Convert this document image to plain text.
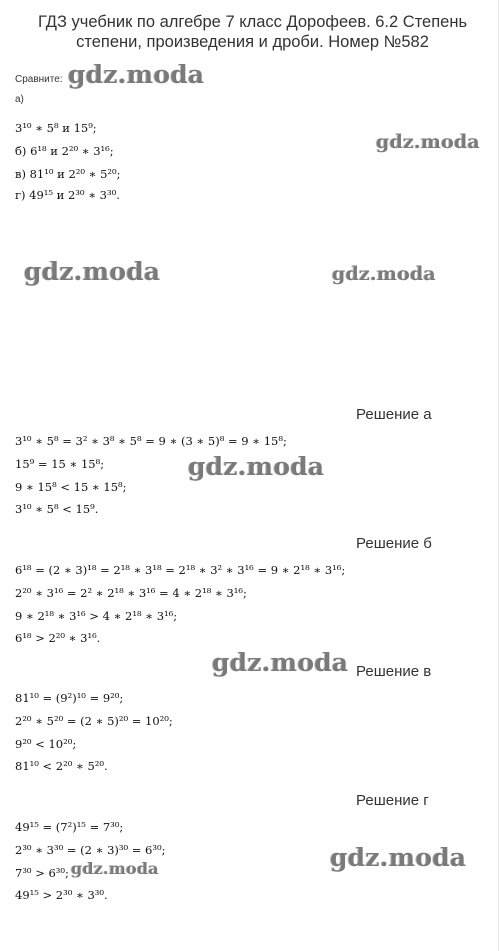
ГДЗ учебник по алгебре 7 класс Дорофеев. 6.2 Степень
степени, произведения и дроби. Номер №582
Сравните:
а)
3¹⁰ ∗ 5⁸ и 15⁹;
б) 6¹⁸ и 2²⁰ ∗ 3¹⁶;
в) 81¹⁰ и 2²⁰ ∗ 5²⁰;
г) 49¹⁵ и 2³⁰ ∗ 3³⁰.
Решение а
3¹⁰ ∗ 5⁸ = 3² ∗ 3⁸ ∗ 5⁸ = 9 ∗ (3 ∗ 5)⁸ = 9 ∗ 15⁸;
15⁹ = 15 ∗ 15⁸;
9 ∗ 15⁸ < 15 ∗ 15⁸;
3¹⁰ ∗ 5⁸ < 15⁹.
Решение б
6¹⁸ = (2 ∗ 3)¹⁸ = 2¹⁸ ∗ 3¹⁸ = 2¹⁸ ∗ 3² ∗ 3¹⁶ = 9 ∗ 2¹⁸ ∗ 3¹⁶;
2²⁰ ∗ 3¹⁶ = 2² ∗ 2¹⁸ ∗ 3¹⁶ = 4 ∗ 2¹⁸ ∗ 3¹⁶;
9 ∗ 2¹⁸ ∗ 3¹⁶ > 4 ∗ 2¹⁸ ∗ 3¹⁶;
6¹⁸ > 2²⁰ ∗ 3¹⁶.
Решение в
81¹⁰ = (9²)¹⁰ = 9²⁰;
2²⁰ ∗ 5²⁰ = (2 ∗ 5)²⁰ = 10²⁰;
9²⁰ < 10²⁰;
81¹⁰ < 2²⁰ ∗ 5²⁰.
Решение г
49¹⁵ = (7²)¹⁵ = 7³⁰;
2³⁰ ∗ 3³⁰ = (2 ∗ 3)³⁰ = 6³⁰;
7³⁰ > 6³⁰;
49¹⁵ > 2³⁰ ∗ 3³⁰.
gdz.moda
gdz.moda
gdz.moda	gdz.moda
gdz.moda
gdz.moda
gdz.moda
gdz.moda
